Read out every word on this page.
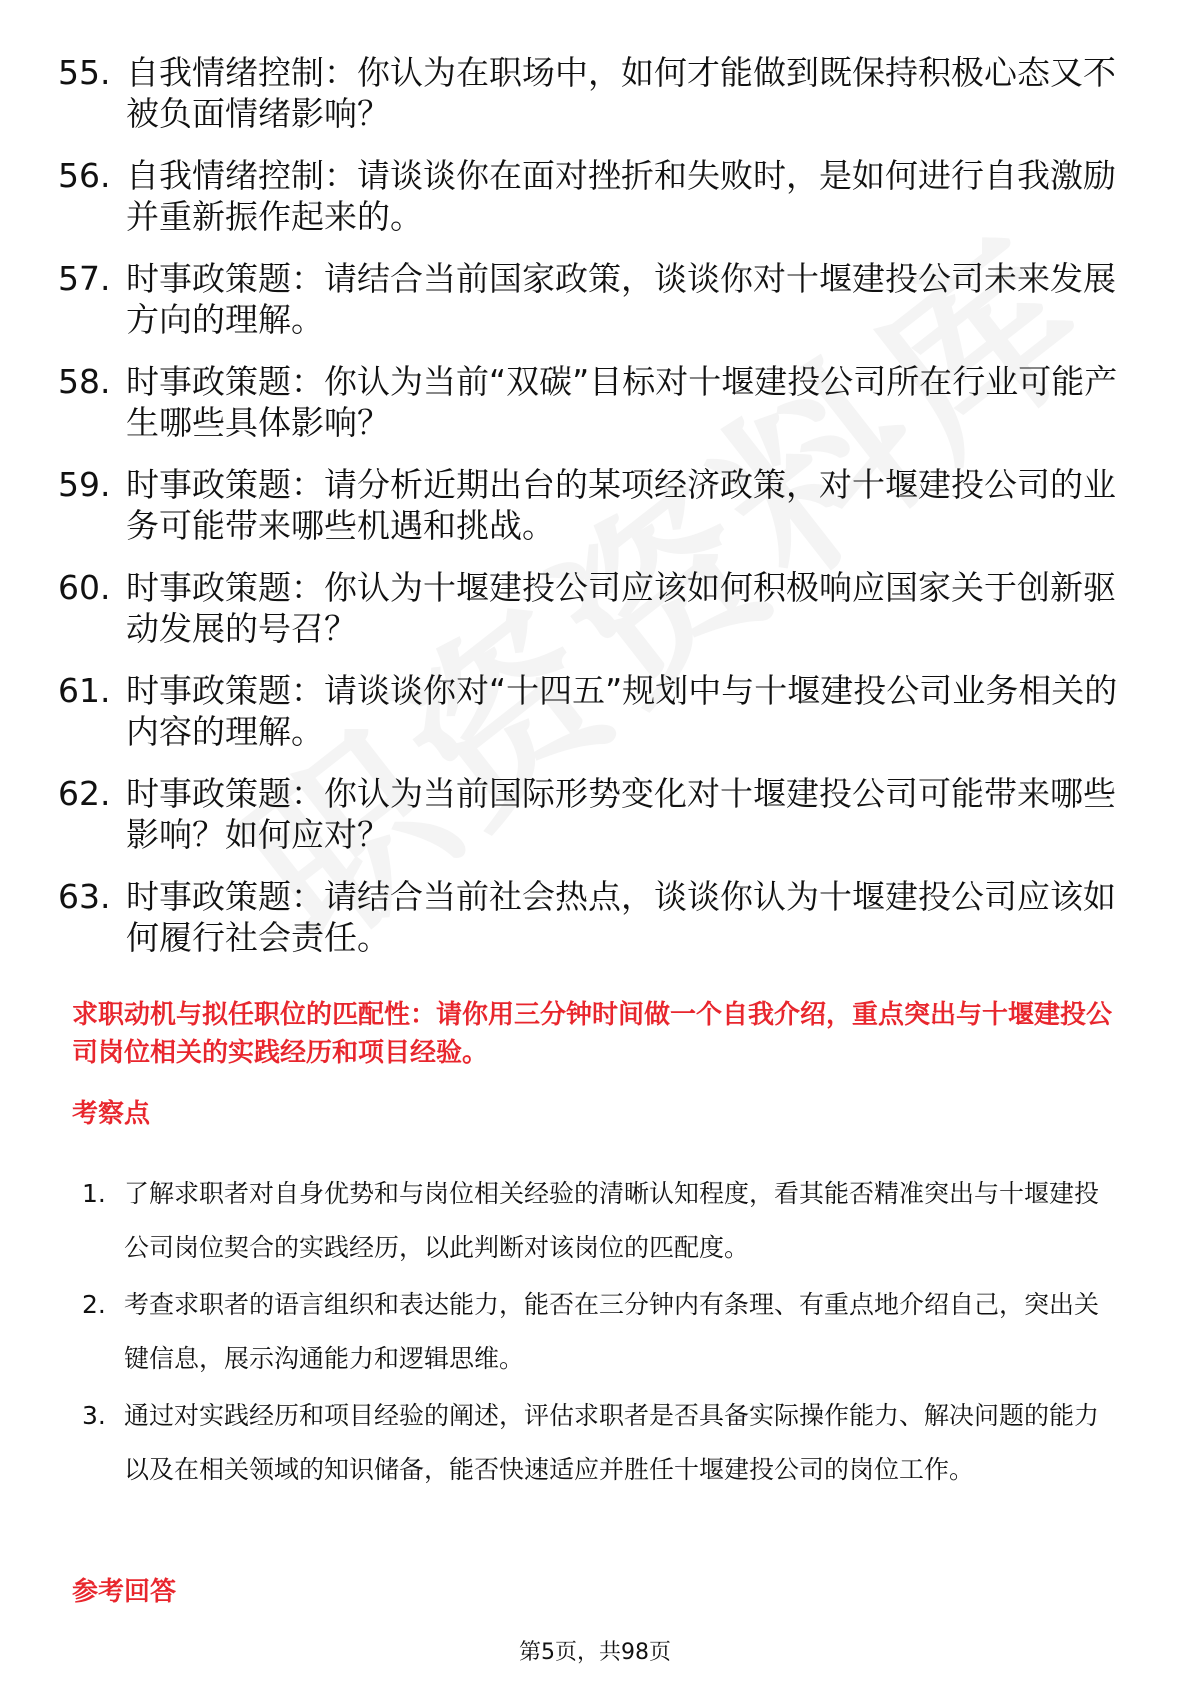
55. 自我情绪控制：你认为在职场中，如何才能做到既保持积极心态又不被负面情绪影响？
56. 自我情绪控制：请谈谈你在面对挫折和失败时，是如何进行自我激励并重新振作起来的。
57. 时事政策题：请结合当前国家政策，谈谈你对十堰建投公司未来发展方向的理解。
58. 时事政策题：你认为当前“双碳”目标对十堰建投公司所在行业可能产生哪些具体影响？
59. 时事政策题：请分析近期出台的某项经济政策，对十堰建投公司的业务可能带来哪些机遇和挑战。
60. 时事政策题：你认为十堰建投公司应该如何积极响应国家关于创新驱动发展的号召？
61. 时事政策题：请谈谈你对“十四五”规划中与十堰建投公司业务相关的内容的理解。
62. 时事政策题：你认为当前国际形势变化对十堰建投公司可能带来哪些影响？如何应对？
63. 时事政策题：请结合当前社会热点，谈谈你认为十堰建投公司应该如何履行社会责任。

求职动机与拟任职位的匹配性：请你用三分钟时间做一个自我介绍，重点突出与十堰建投公司岗位相关的实践经历和项目经验。

考察点
1. 了解求职者对自身优势和与岗位相关经验的清晰认知程度，看其能否精准突出与十堰建投公司岗位契合的实践经历，以此判断对该岗位的匹配度。
2. 考查求职者的语言组织和表达能力，能否在三分钟内有条理、有重点地介绍自己，突出关键信息，展示沟通能力和逻辑思维。
3. 通过对实践经历和项目经验的阐述，评估求职者是否具备实际操作能力、解决问题的能力以及在相关领域的知识储备，能否快速适应并胜任十堰建投公司的岗位工作。
参考回答
第5页，共98页
